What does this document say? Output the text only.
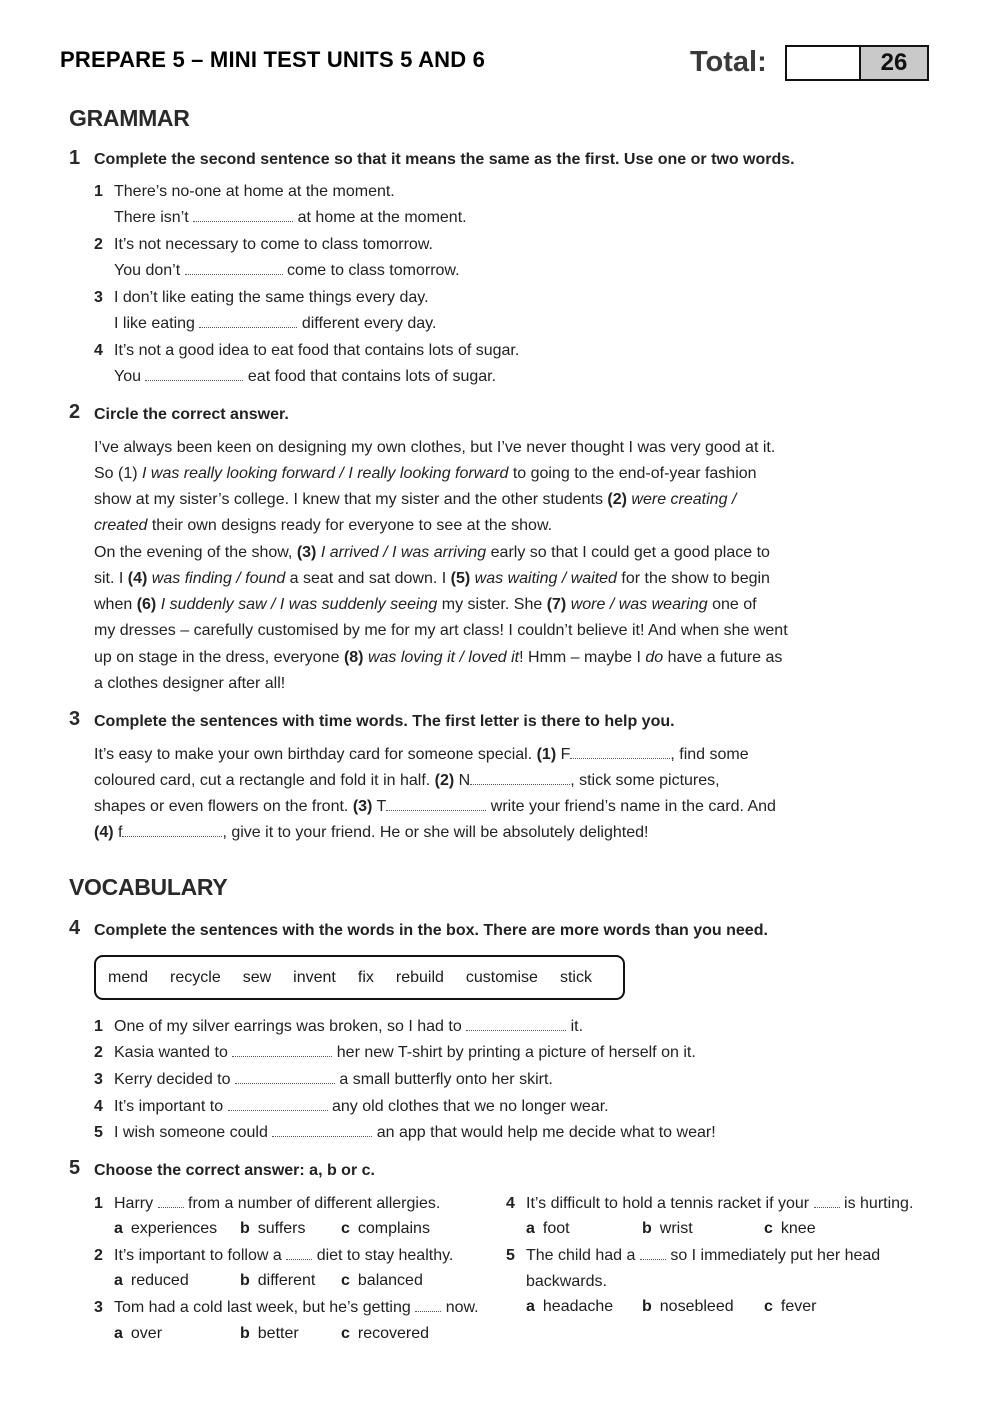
PREPARE 5 – MINI TEST UNITS 5 AND 6	Total:	26
GRAMMAR
1 Complete the second sentence so that it means the same as the first. Use one or two words.
1 There’s no-one at home at the moment.
There isn’t	at home at the moment.
2 It’s not necessary to come to class tomorrow.
You don’t	come to class tomorrow.
3 I don’t like eating the same things every day.
I like eating	different every day.
4 It’s not a good idea to eat food that contains lots of sugar.
You	eat food that contains lots of sugar.
2 Circle the correct answer.
I’ve always been keen on designing my own clothes, but I’ve never thought I was very good at it.
So (1) I was really looking forward / I really looking forward to going to the end-of-year fashion
show at my sister’s college. I knew that my sister and the other students (2) were creating /
created their own designs ready for everyone to see at the show.
On the evening of the show, (3) I arrived / I was arriving early so that I could get a good place to
sit. I (4) was finding / found a seat and sat down. I (5) was waiting / waited for the show to begin
when (6) I suddenly saw / I was suddenly seeing my sister. She (7) wore / was wearing one of
my dresses – carefully customised by me for my art class! I couldn’t believe it! And when she went
up on stage in the dress, everyone (8) was loving it / loved it! Hmm – maybe I do have a future as
a clothes designer after all!
3 Complete the sentences with time words. The first letter is there to help you.
It’s easy to make your own birthday card for someone special. (1) F	, find some
coloured card, cut a rectangle and fold it in half. (2) N	, stick some pictures,
shapes or even flowers on the front. (3) T	write your friend’s name in the card. And
(4) f	, give it to your friend. He or she will be absolutely delighted!
VOCABULARY
4 Complete the sentences with the words in the box. There are more words than you need.
mend recycle sew invent fix rebuild customise stick
1 One of my silver earrings was broken, so I had to	it.
2 Kasia wanted to	her new T-shirt by printing a picture of herself on it.
3 Kerry decided to	a small butterfly onto her skirt.
4 It’s important to	any old clothes that we no longer wear.
5 I wish someone could	an app that would help me decide what to wear!
5 Choose the correct answer: a, b or c.
1 Harry from a number of different allergies.
a experiences b suffers c complains
2 It’s important to follow a diet to stay healthy.
a reduced	b different c balanced
3 Tom had a cold last week, but he’s getting now.
a over	b better	c recovered
4 It’s difficult to hold a tennis racket if your is hurting.
a foot	b wrist	c knee
5 The child had a so I immediately put her head
backwards.
a headache b nosebleed c fever
